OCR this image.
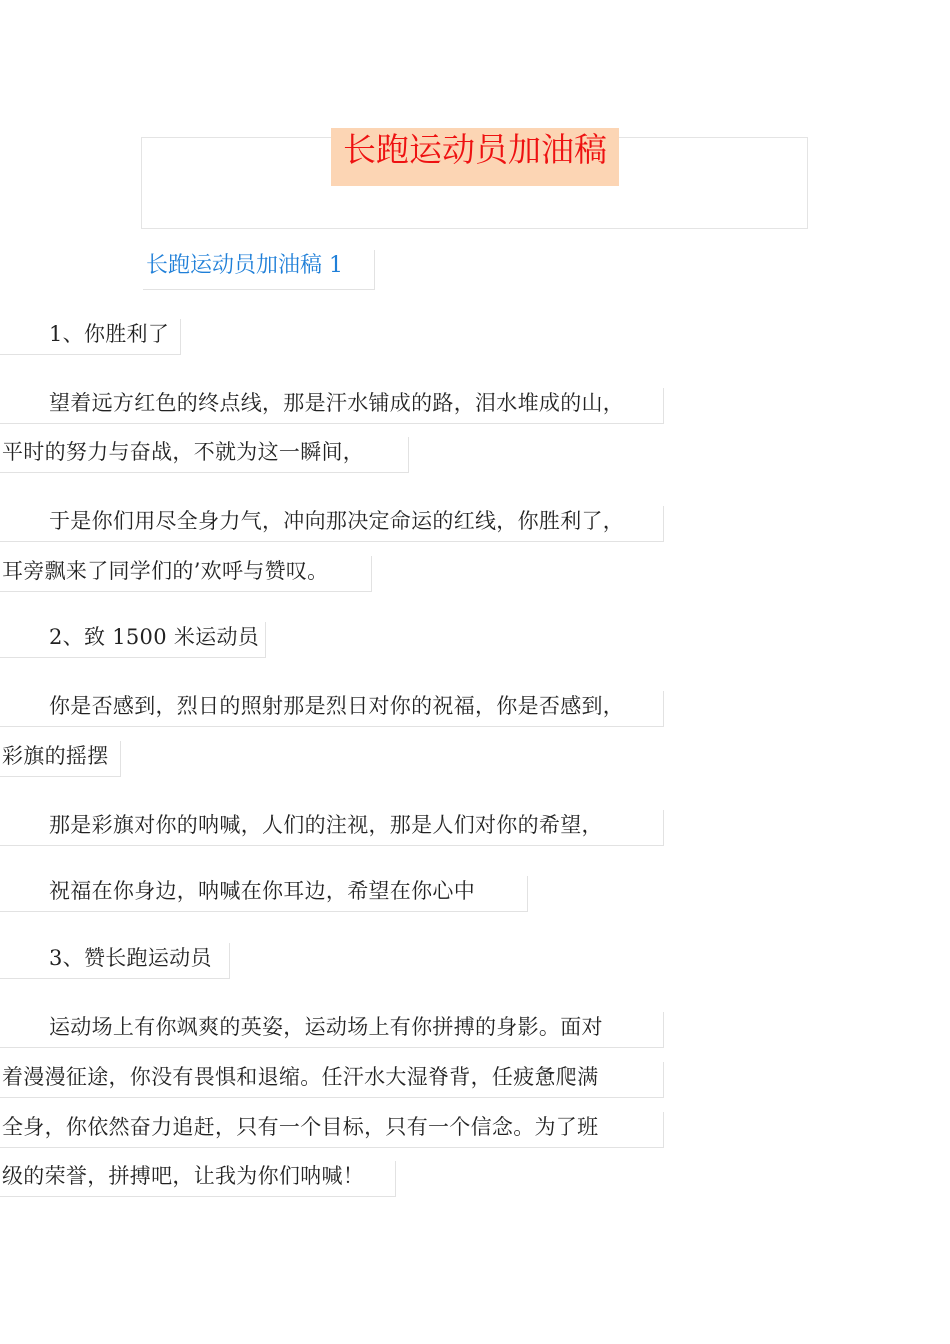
长跑运动员加油稿
长跑运动员加油稿 1
1、你胜利了
望着远方红色的终点线，那是汗水铺成的路，泪水堆成的山，
平时的努力与奋战，不就为这一瞬间，
于是你们用尽全身力气，冲向那决定命运的红线，你胜利了，
耳旁飘来了同学们的’欢呼与赞叹。
2、致 1500 米运动员
你是否感到，烈日的照射那是烈日对你的祝福，你是否感到，
彩旗的摇摆
那是彩旗对你的呐喊，人们的注视，那是人们对你的希望，
祝福在你身边，呐喊在你耳边，希望在你心中
3、赞长跑运动员
运动场上有你飒爽的英姿，运动场上有你拼搏的身影。面对
着漫漫征途，你没有畏惧和退缩。任汗水大湿脊背，任疲惫爬满
全身，你依然奋力追赶，只有一个目标，只有一个信念。为了班
级的荣誉，拼搏吧，让我为你们呐喊！
